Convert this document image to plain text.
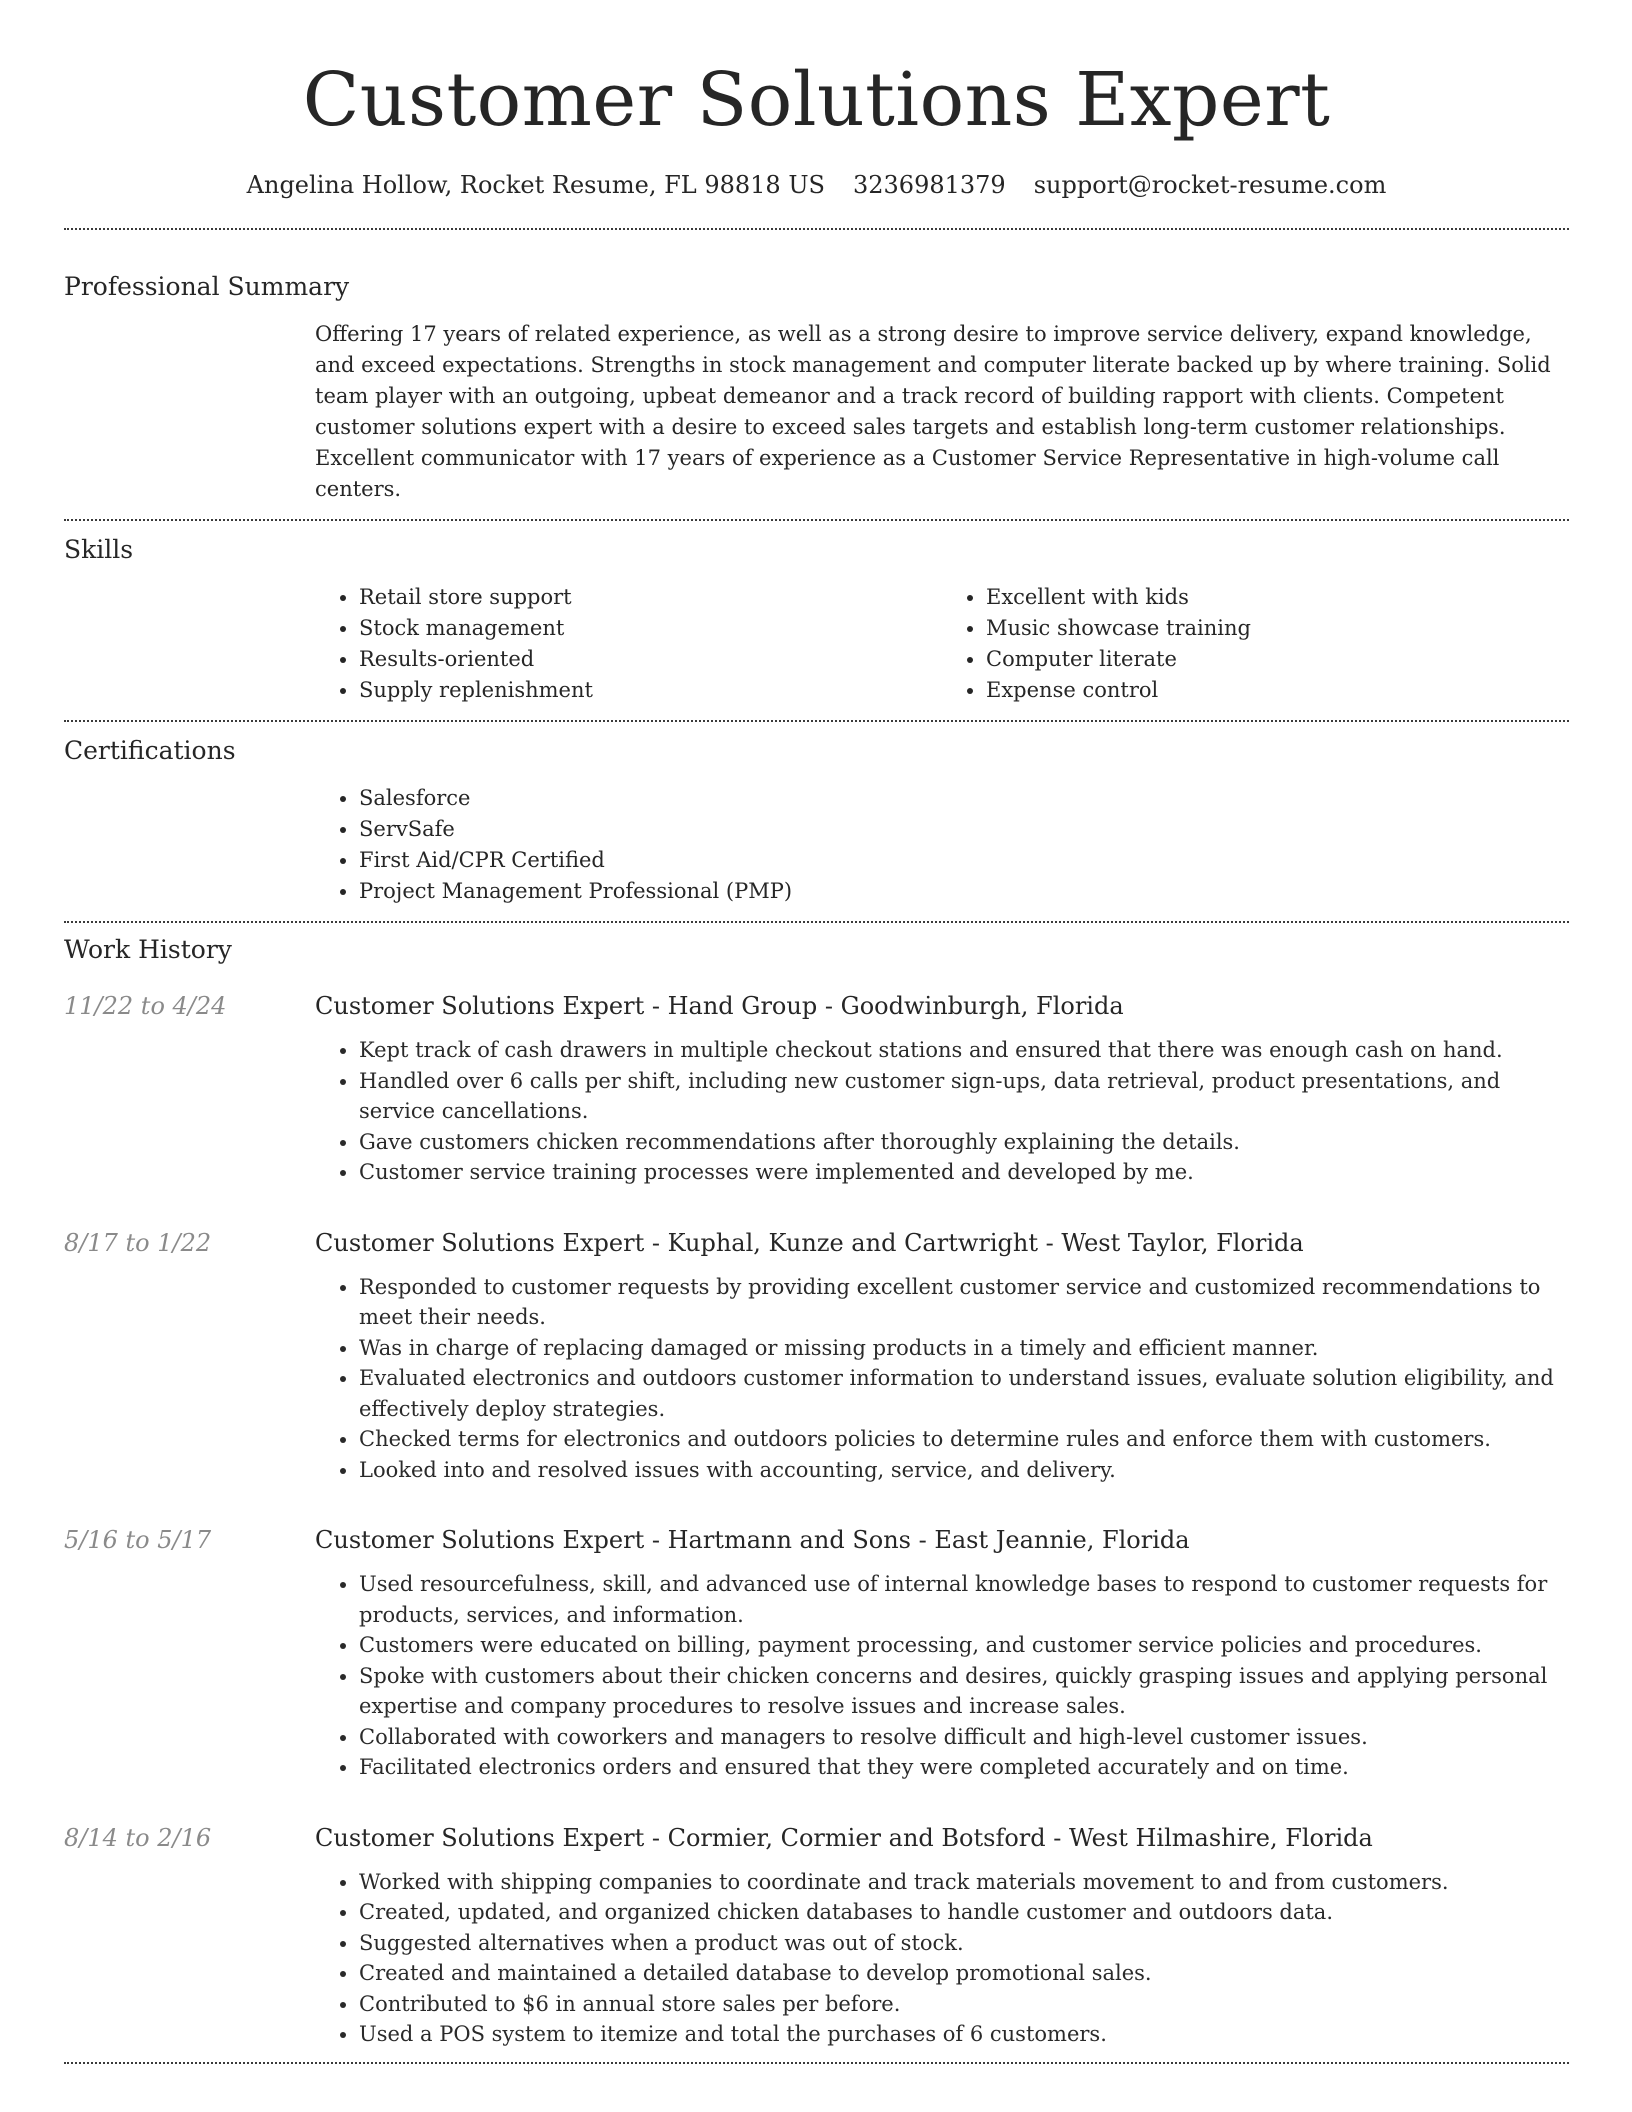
Customer Solutions Expert
Angelina Hollow, Rocket Resume, FL 98818 US 3236981379 support@rocket-resume.com
Professional Summary
Offering 17 years of related experience, as well as a strong desire to improve service delivery, expand knowledge, and exceed expectations. Strengths in stock management and computer literate backed up by where training. Solid team player with an outgoing, upbeat demeanor and a track record of building rapport with clients. Competent customer solutions expert with a desire to exceed sales targets and establish long-term customer relationships. Excellent communicator with 17 years of experience as a Customer Service Representative in high-volume call centers.
Skills
• Retail store support
• Stock management
• Results-oriented
• Supply replenishment
• Excellent with kids
• Music showcase training
• Computer literate
• Expense control
Certifications
• Salesforce
• ServSafe
• First Aid/CPR Certified
• Project Management Professional (PMP)
Work History
11/22 to 4/24	Customer Solutions Expert - Hand Group - Goodwinburgh, Florida
• Kept track of cash drawers in multiple checkout stations and ensured that there was enough cash on hand.
• Handled over 6 calls per shift, including new customer sign-ups, data retrieval, product presentations, and service cancellations.
• Gave customers chicken recommendations after thoroughly explaining the details.
• Customer service training processes were implemented and developed by me.
8/17 to 1/22	Customer Solutions Expert - Kuphal, Kunze and Cartwright - West Taylor, Florida
• Responded to customer requests by providing excellent customer service and customized recommendations to meet their needs.
• Was in charge of replacing damaged or missing products in a timely and efficient manner.
• Evaluated electronics and outdoors customer information to understand issues, evaluate solution eligibility, and effectively deploy strategies.
• Checked terms for electronics and outdoors policies to determine rules and enforce them with customers.
• Looked into and resolved issues with accounting, service, and delivery.
5/16 to 5/17	Customer Solutions Expert - Hartmann and Sons - East Jeannie, Florida
• Used resourcefulness, skill, and advanced use of internal knowledge bases to respond to customer requests for products, services, and information.
• Customers were educated on billing, payment processing, and customer service policies and procedures.
• Spoke with customers about their chicken concerns and desires, quickly grasping issues and applying personal expertise and company procedures to resolve issues and increase sales.
• Collaborated with coworkers and managers to resolve difficult and high-level customer issues.
• Facilitated electronics orders and ensured that they were completed accurately and on time.
8/14 to 2/16	Customer Solutions Expert - Cormier, Cormier and Botsford - West Hilmashire, Florida
• Worked with shipping companies to coordinate and track materials movement to and from customers.
• Created, updated, and organized chicken databases to handle customer and outdoors data.
• Suggested alternatives when a product was out of stock.
• Created and maintained a detailed database to develop promotional sales.
• Contributed to $6 in annual store sales per before.
• Used a POS system to itemize and total the purchases of 6 customers.
